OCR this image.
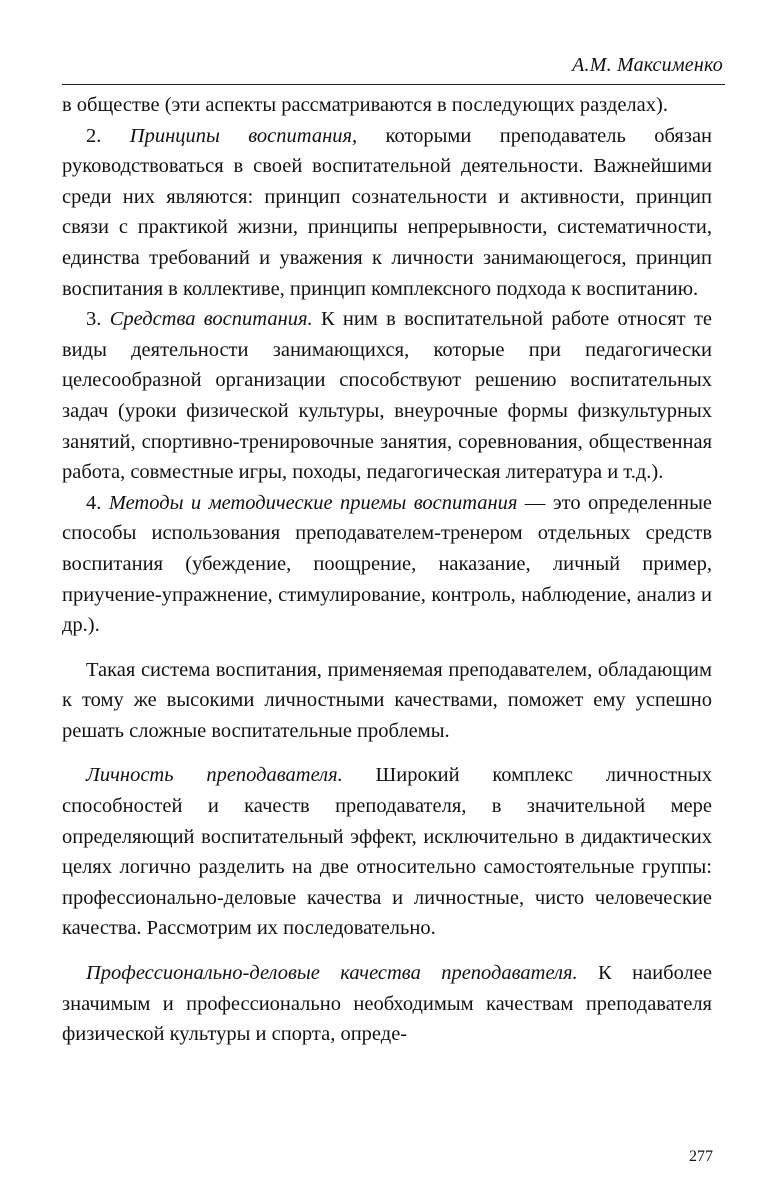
А.М. Максименко

в обществе (эти аспекты рассматриваются в последующих разделах).

2. Принципы воспитания, которыми преподаватель обязан руководствоваться в своей воспитательной деятельности. Важнейшими среди них являются: принцип сознательности и активности, принцип связи с практикой жизни, принципы непрерывности, систематичности, единства требований и уважения к личности занимающегося, принцип воспитания в коллективе, принцип комплексного подхода к воспитанию.

3. Средства воспитания. К ним в воспитательной работе относят те виды деятельности занимающихся, которые при педагогически целесообразной организации способствуют решению воспитательных задач (уроки физической культуры, внеурочные формы физкультурных занятий, спортивно-тренировочные занятия, соревнования, общественная работа, совместные игры, походы, педагогическая литература и т.д.).

4. Методы и методические приемы воспитания — это определенные способы использования преподавателем-тренером отдельных средств воспитания (убеждение, поощрение, наказание, личный пример, приучение-упражнение, стимулирование, контроль, наблюдение, анализ и др.).

Такая система воспитания, применяемая преподавателем, обладающим к тому же высокими личностными качествами, поможет ему успешно решать сложные воспитательные проблемы.

Личность преподавателя. Широкий комплекс личностных способностей и качеств преподавателя, в значительной мере определяющий воспитательный эффект, исключительно в дидактических целях логично разделить на две относительно самостоятельные группы: профессионально-деловые качества и личностные, чисто человеческие качества. Рассмотрим их последовательно.

Профессионально-деловые качества преподавателя. К наиболее значимым и профессионально необходимым качествам преподавателя физической культуры и спорта, опреде-

277
